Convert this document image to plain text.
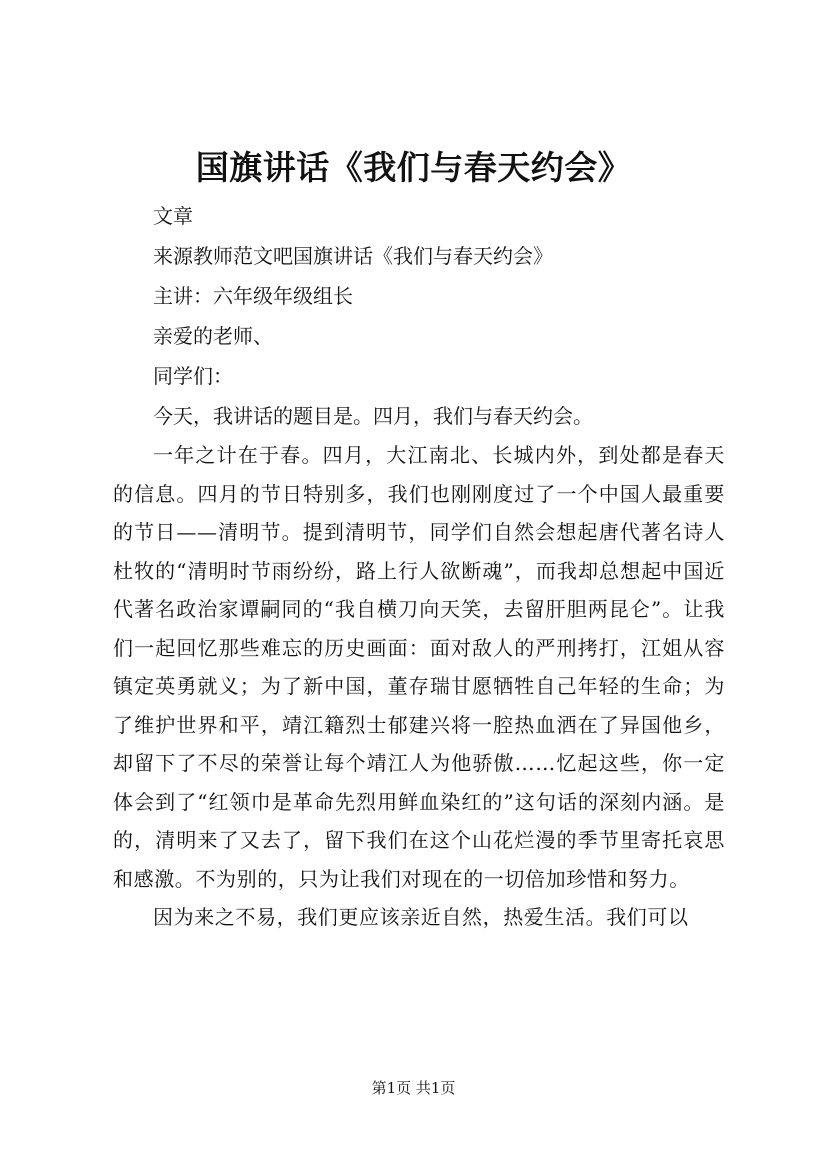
国旗讲话《我们与春天约会》
文章
来源教师范文吧国旗讲话《我们与春天约会》
主讲：六年级年级组长
亲爱的老师、
同学们：
今天，我讲话的题目是。四月，我们与春天约会。

一年之计在于春。四月，大江南北、长城内外，到处都是春天的信息。四月的节日特别多，我们也刚刚度过了一个中国人最重要的节日——清明节。提到清明节，同学们自然会想起唐代著名诗人杜牧的“清明时节雨纷纷，路上行人欲断魂”，而我却总想起中国近代著名政治家谭嗣同的“我自横刀向天笑，去留肝胆两昆仑”。让我们一起回忆那些难忘的历史画面：面对敌人的严刑拷打，江姐从容镇定英勇就义；为了新中国，董存瑞甘愿牺牲自己年轻的生命；为了维护世界和平，靖江籍烈士郁建兴将一腔热血洒在了异国他乡，却留下了不尽的荣誉让每个靖江人为他骄傲……忆起这些，你一定体会到了“红领巾是革命先烈用鲜血染红的”这句话的深刻内涵。是的，清明来了又去了，留下我们在这个山花烂漫的季节里寄托哀思和感激。不为别的，只为让我们对现在的一切倍加珍惜和努力。

因为来之不易，我们更应该亲近自然，热爱生活。我们可以

第1页 共1页
